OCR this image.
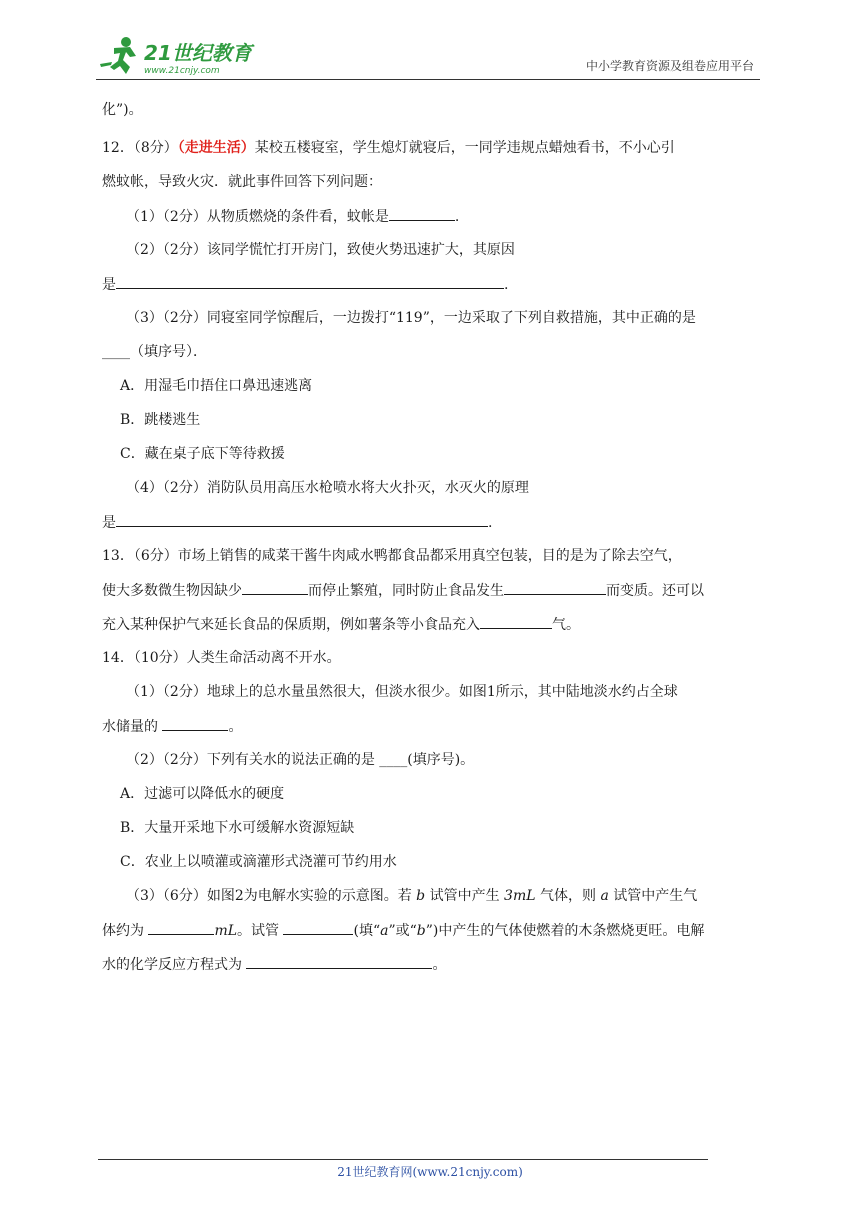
21世纪教育
www.21cnjy.com	中小学教育资源及组卷应用平台
化”)。
12．（8分）（走进生活）某校五楼寝室，学生熄灯就寝后，一同学违规点蜡烛看书，不小心引
燃蚊帐，导致火灾．就此事件回答下列问题：
（1）（2分）从物质燃烧的条件看，蚊帐是	.
（2）（2分）该同学慌忙打开房门，致使火势迅速扩大，其原因
是	.
（3）（2分）同寝室同学惊醒后，一边拨打“119”，一边采取了下列自救措施，其中正确的是
____（填序号）．
A．用湿毛巾捂住口鼻迅速逃离
B．跳楼逃生
C．藏在桌子底下等待救援
（4）（2分）消防队员用高压水枪喷水将大火扑灭，水灭火的原理
是	.
13．（6分）市场上销售的咸菜干酱牛肉咸水鸭都食品都采用真空包装，目的是为了除去空气，
使大多数微生物因缺少	而停止繁殖，同时防止食品发生	而变质。还可以
充入某种保护气来延长食品的保质期，例如薯条等小食品充入	气。
14．（10分）人类生命活动离不开水。
（1）（2分）地球上的总水量虽然很大，但淡水很少。如图1所示，其中陆地淡水约占全球
水储量的	。
（2）（2分）下列有关水的说法正确的是 ____(填序号)。
A．过滤可以降低水的硬度
B．大量开采地下水可缓解水资源短缺
C．农业上以喷灌或滴灌形式浇灌可节约用水
（3）（6分）如图2为电解水实验的示意图。若 b 试管中产生 3mL 气体，则 a 试管中产生气
体约为	mL。试管	(填“a”或“b”)中产生的气体使燃着的木条燃烧更旺。电解
水的化学反应方程式为	。
21世纪教育网(www.21cnjy.com)
